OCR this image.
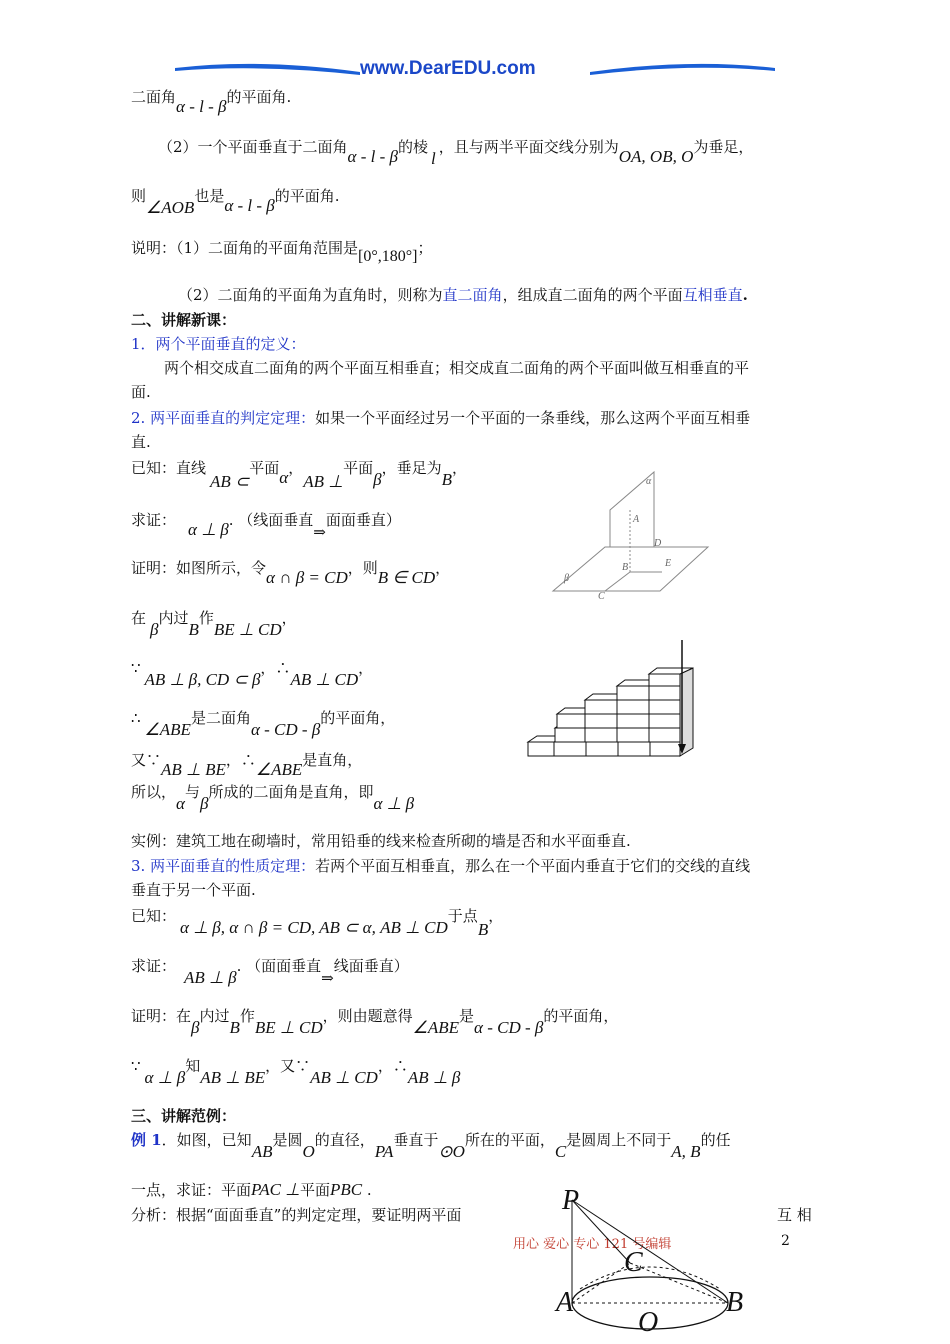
www.DearEDU.com
二面角α - l - β的平面角.
（2）一个平面垂直于二面角α - l - β的棱l，且与两半平面交线分别为OA, OB, O为垂足，
则∠AOB也是α - l - β的平面角.
说明：（1）二面角的平面角范围是[0°,180°]；
（2）二面角的平面角为直角时，则称为直二面角，组成直二面角的两个平面互相垂直.
二、讲解新课：
1．两个平面垂直的定义：
两个相交成直二面角的两个平面互相垂直；相交成直二面角的两个平面叫做互相垂直的平
面.
2. 两平面垂直的判定定理：如果一个平面经过另一个平面的一条垂线，那么这两个平面互相垂
直.
已知：直线AB ⊂平面α，AB ⊥平面β，垂足为B，
求证： α ⊥ β. （线面垂直⇒面面垂直）
证明：如图所示，令α ∩ β = CD，则B ∈ CD，
在β内过B作BE ⊥ CD，
∵AB ⊥ β, CD ⊂ β，∴AB ⊥ CD，
∴∠ABE是二面角α - CD - β的平面角，
又∵AB ⊥ BE，∴∠ABE是直角，
所以，α与β所成的二面角是直角，即α ⊥ β
实例：建筑工地在砌墙时，常用铅垂的线来检查所砌的墙是否和水平面垂直.
3. 两平面垂直的性质定理：若两个平面互相垂直，那么在一个平面内垂直于它们的交线的直线
垂直于另一个平面.
已知：α ⊥ β, α ∩ β = CD, AB ⊂ α, AB ⊥ CD于点B，
求证：AB ⊥ β. （面面垂直⇒线面垂直）
证明：在β内过B作BE ⊥ CD，则由题意得∠ABE是α - CD - β的平面角，
∵α ⊥ β知AB ⊥ BE，又∵AB ⊥ CD，∴AB ⊥ β
三、讲解范例：
例 1．如图，已知AB是圆O的直径，PA垂直于⊙O所在的平面，C是圆周上不同于A, B的任
一点，求证：平面PAC ⊥平面PBC .
分析：根据“面面垂直”的判定定理，要证明两平面	互 相
用心 爱心 专心 121 号编辑	2
α
β
A
B
C
D
E
P
A	B
C
O
